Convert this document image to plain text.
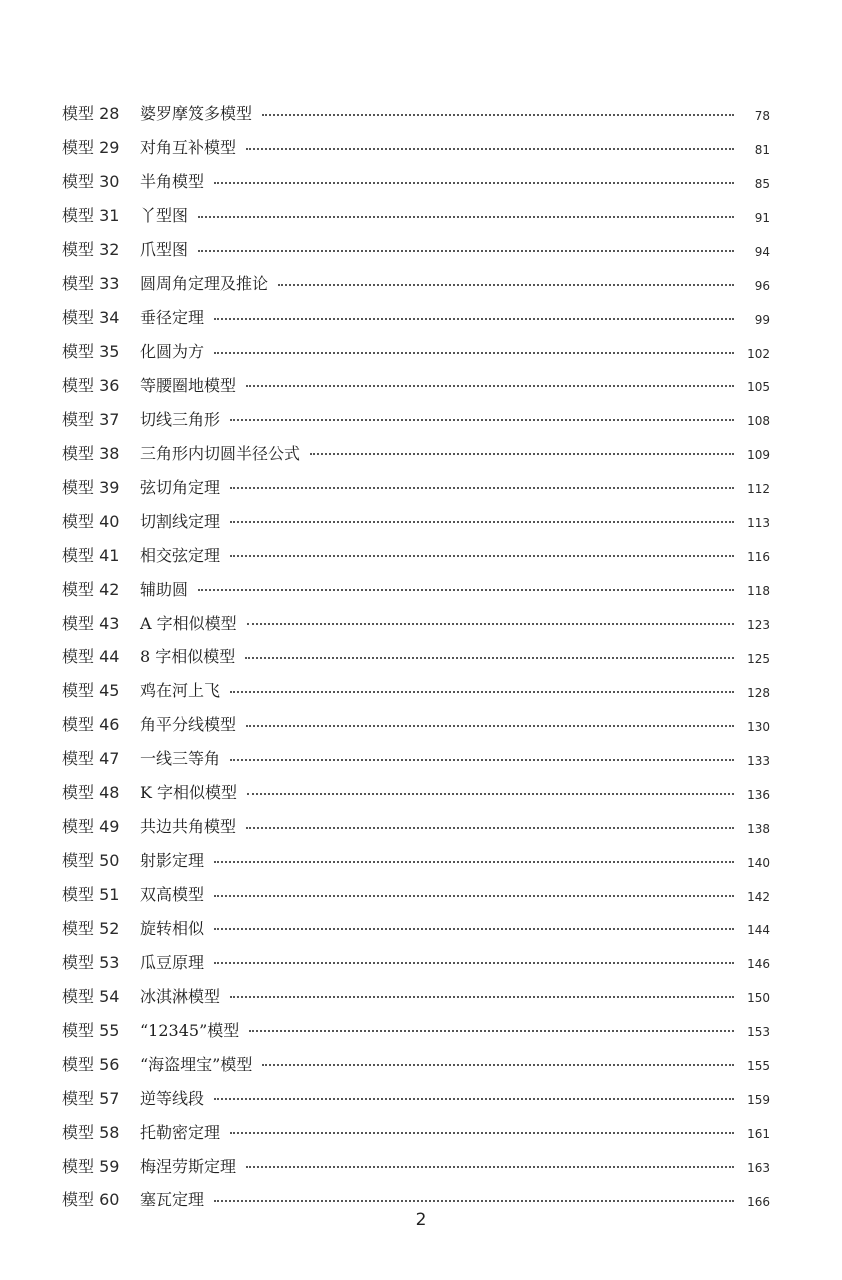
模型 28	婆罗摩笈多模型	78
模型 29	对角互补模型	81
模型 30	半角模型	85
模型 31	丫型图	91
模型 32	爪型图	94
模型 33	圆周角定理及推论	96
模型 34	垂径定理	99
模型 35	化圆为方	102
模型 36	等腰圈地模型	105
模型 37	切线三角形	108
模型 38	三角形内切圆半径公式	109
模型 39	弦切角定理	112
模型 40	切割线定理	113
模型 41	相交弦定理	116
模型 42	辅助圆	118
模型 43	A 字相似模型	123
模型 44	8 字相似模型	125
模型 45	鸡在河上飞	128
模型 46	角平分线模型	130
模型 47	一线三等角	133
模型 48	K 字相似模型	136
模型 49	共边共角模型	138
模型 50	射影定理	140
模型 51	双高模型	142
模型 52	旋转相似	144
模型 53	瓜豆原理	146
模型 54	冰淇淋模型	150
模型 55	“12345”模型	153
模型 56	“海盗埋宝”模型	155
模型 57	逆等线段	159
模型 58	托勒密定理	161
模型 59	梅涅劳斯定理	163
模型 60	塞瓦定理	166
2
